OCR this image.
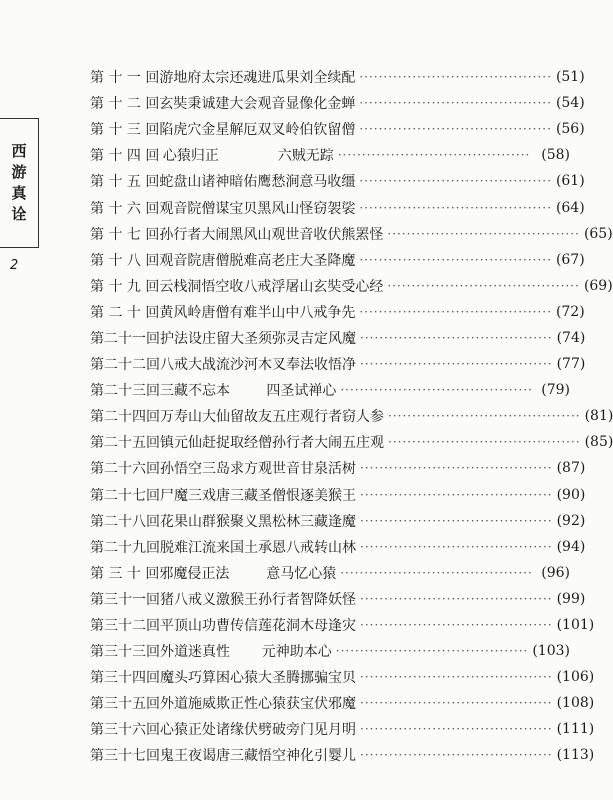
西
游
真
诠
2
第 十 一 回 游地府太宗还魂 进瓜果刘全续配 ········································ (51)
第 十 二 回 玄奘秉诚建大会 观音显像化金蝉 ········································ (54)
第 十 三 回 陷虎穴金星解厄 双叉岭伯钦留僧 ········································ (56)
第 十 四 回 心猿归正	六贼无踪 ········································ (58)
第 十 五 回 蛇盘山诸神暗佑 鹰愁涧意马收缰 ········································ (61)
第 十 六 回 观音院僧谋宝贝 黑风山怪窃袈裟 ········································ (64)
第 十 七 回 孙行者大闹黑风山 观世音收伏熊罴怪 ········································ (65)
第 十 八 回 观音院唐僧脱难 高老庄大圣降魔 ········································ (67)
第 十 九 回 云栈洞悟空收八戒 浮屠山玄奘受心经 ········································ (69)
第 二 十 回 黄风岭唐僧有难 半山中八戒争先 ········································ (72)
第二十一回 护法设庄留大圣 须弥灵吉定风魔 ········································ (74)
第二十二回 八戒大战流沙河 木叉奉法收悟净 ········································ (77)
第二十三回 三藏不忘本	四圣试禅心 ········································ (79)
第二十四回 万寿山大仙留故友 五庄观行者窃人参 ········································ (81)
第二十五回 镇元仙赶捉取经僧 孙行者大闹五庄观 ········································ (85)
第二十六回 孙悟空三岛求方 观世音甘泉活树 ········································ (87)
第二十七回 尸魔三戏唐三藏 圣僧恨逐美猴王 ········································ (90)
第二十八回 花果山群猴聚义 黑松林三藏逢魔 ········································ (92)
第二十九回 脱难江流来国土 承恩八戒转山林 ········································ (94)
第 三 十 回 邪魔侵正法	意马忆心猿 ········································ (96)
第三十一回 猪八戒义激猴王 孙行者智降妖怪 ········································ (99)
第三十二回 平顶山功曹传信 莲花洞木母逢灾 ········································ (101)
第三十三回 外道迷真性	元神助本心 ········································ (103)
第三十四回 魔头巧算困心猿 大圣腾挪骗宝贝 ········································ (106)
第三十五回 外道施威欺正性 心猿获宝伏邪魔 ········································ (108)
第三十六回 心猿正处诸缘伏 劈破旁门见月明 ········································ (111)
第三十七回 鬼王夜谒唐三藏 悟空神化引婴儿 ········································ (113)
